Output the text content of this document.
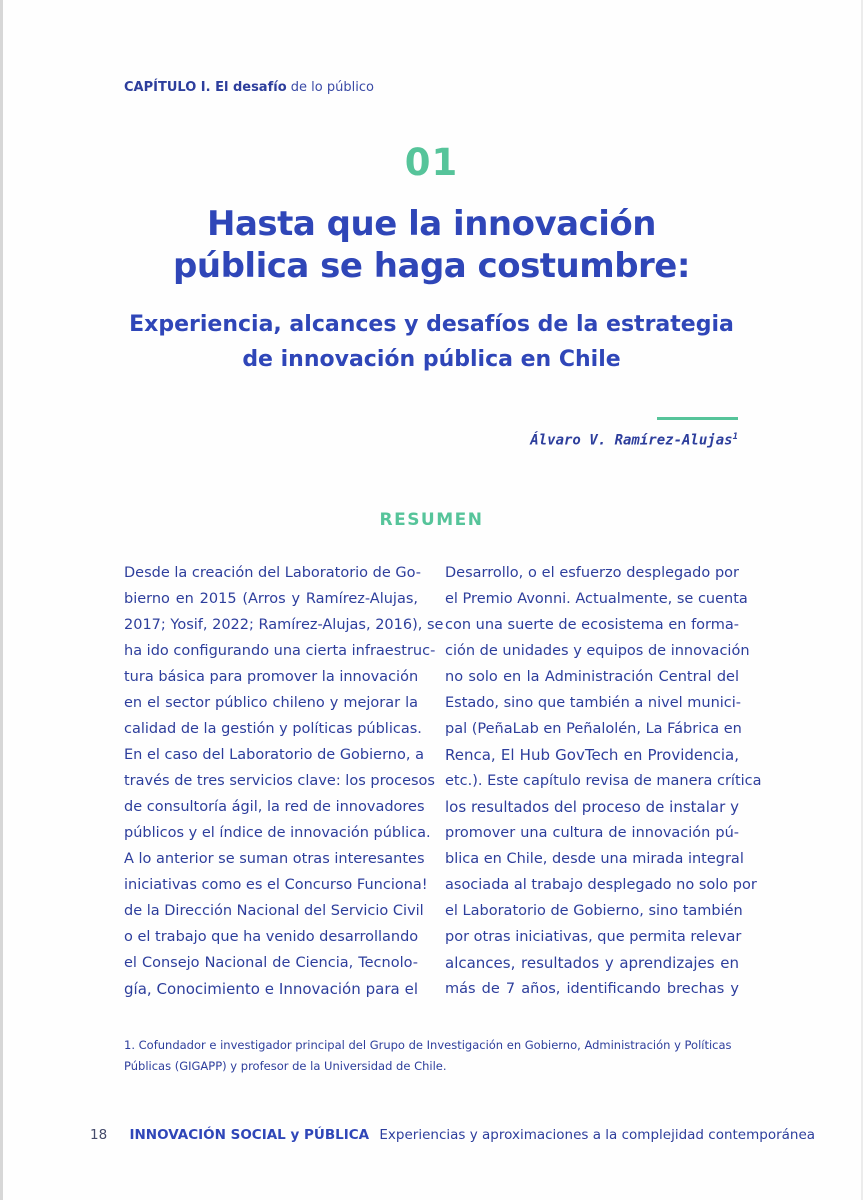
CAPÍTULO I. El desafío de lo público
01
Hasta que la innovación
pública se haga costumbre:
Experiencia, alcances y desafíos de la estrategia
de innovación pública en Chile
Álvaro V. Ramírez-Alujas$^1$
RESUMEN
Desde la creación del Laboratorio de Go-
bierno en 2015 (Arros y Ramírez-Alujas,
2017; Yosif, 2022; Ramírez-Alujas, 2016), se
ha ido configurando una cierta infraestruc-
tura básica para promover la innovación
en el sector público chileno y mejorar la
calidad de la gestión y políticas públicas.
En el caso del Laboratorio de Gobierno, a
través de tres servicios clave: los procesos
de consultoría ágil, la red de innovadores
públicos y el índice de innovación pública.
A lo anterior se suman otras interesantes
iniciativas como es el Concurso Funciona!
de la Dirección Nacional del Servicio Civil
o el trabajo que ha venido desarrollando
el Consejo Nacional de Ciencia, Tecnolo-
gía, Conocimiento e Innovación para el
Desarrollo, o el esfuerzo desplegado por
el Premio Avonni. Actualmente, se cuenta
con una suerte de ecosistema en forma-
ción de unidades y equipos de innovación
no solo en la Administración Central del
Estado, sino que también a nivel munici-
pal (PeñaLab en Peñalolén, La Fábrica en
Renca, El Hub GovTech en Providencia,
etc.). Este capítulo revisa de manera crítica
los resultados del proceso de instalar y
promover una cultura de innovación pú-
blica en Chile, desde una mirada integral
asociada al trabajo desplegado no solo por
el Laboratorio de Gobierno, sino también
por otras iniciativas, que permita relevar
alcances, resultados y aprendizajes en
más de 7 años, identificando brechas y
1. Cofundador e investigador principal del Grupo de Investigación en Gobierno, Administración y Políticas
Públicas (GIGAPP) y profesor de la Universidad de Chile.
18 INNOVACIÓN SOCIAL y PÚBLICA Experiencias y aproximaciones a la complejidad contemporánea
